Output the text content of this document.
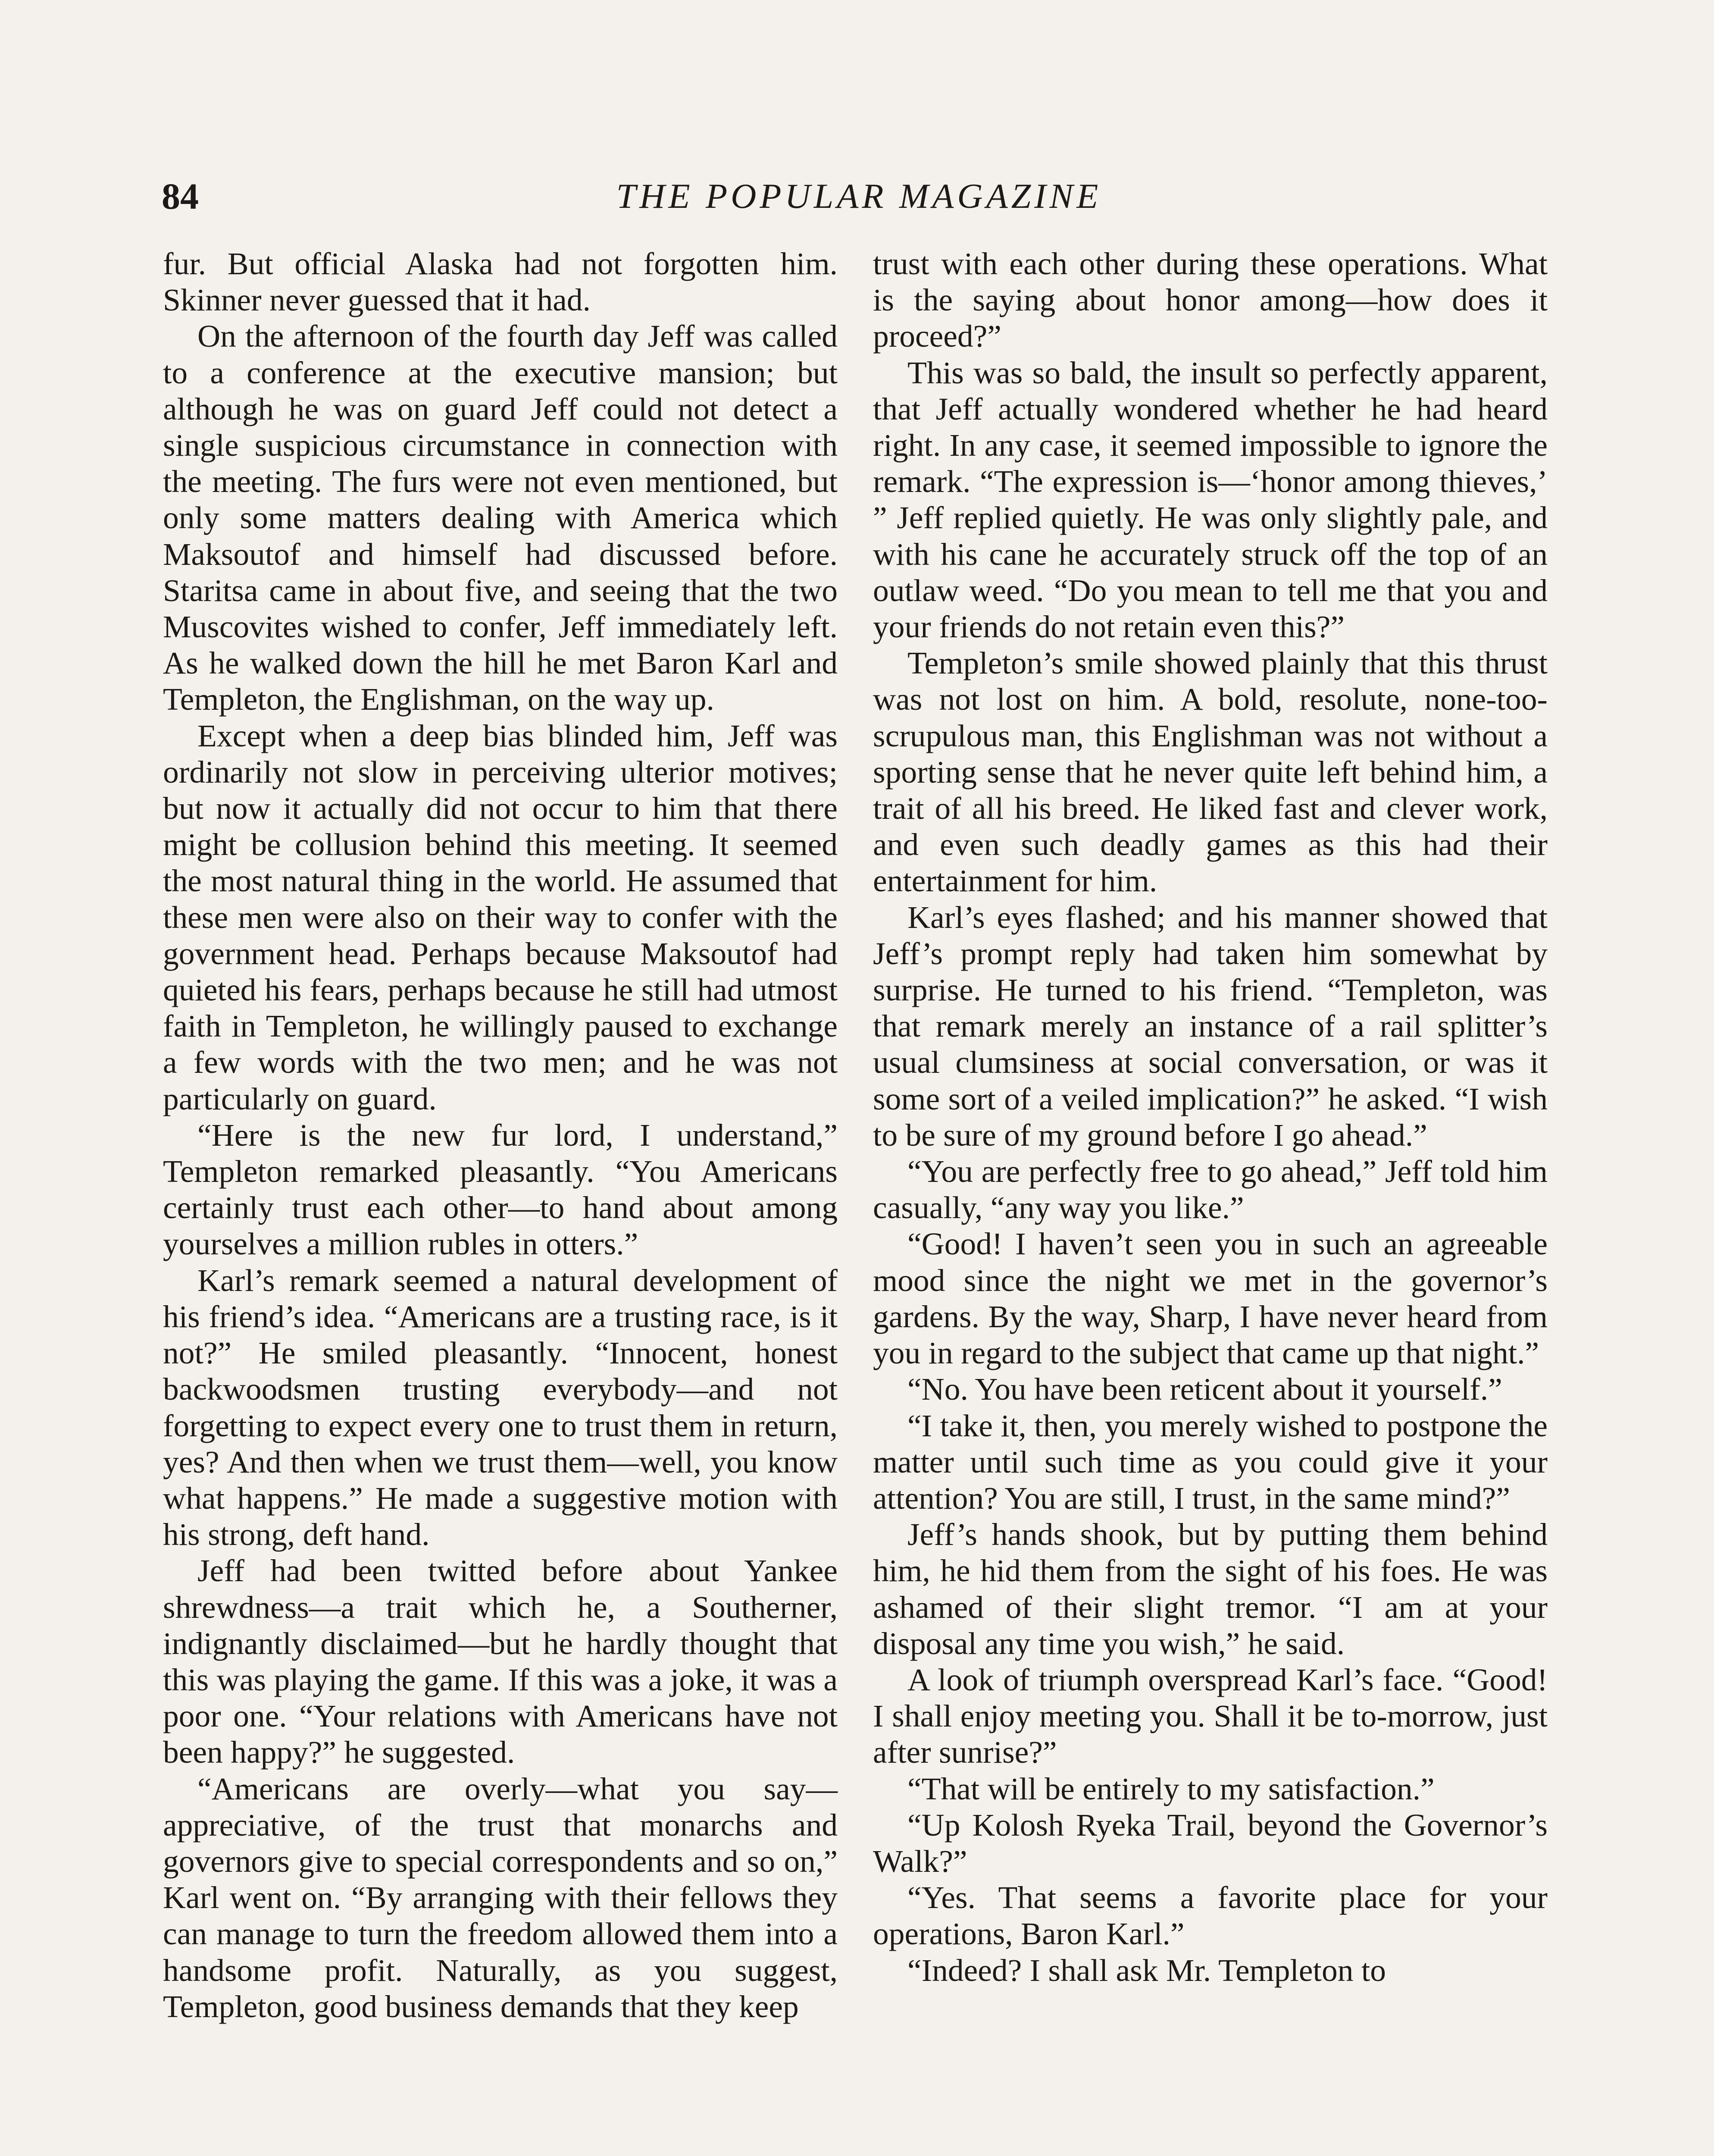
84	THE POPULAR MAGAZINE

fur. But official Alaska had not forgotten him. Skinner never guessed that it had.

On the afternoon of the fourth day Jeff was called to a conference at the executive mansion; but although he was on guard Jeff could not detect a single suspicious circumstance in connection with the meeting. The furs were not even mentioned, but only some matters dealing with America which Maksoutof and himself had discussed before. Staritsa came in about five, and seeing that the two Muscovites wished to confer, Jeff immediately left. As he walked down the hill he met Baron Karl and Templeton, the Englishman, on the way up.

Except when a deep bias blinded him, Jeff was ordinarily not slow in perceiving ulterior motives; but now it actually did not occur to him that there might be collusion behind this meeting. It seemed the most natural thing in the world. He assumed that these men were also on their way to confer with the government head. Perhaps because Maksoutof had quieted his fears, perhaps because he still had utmost faith in Templeton, he willingly paused to exchange a few words with the two men; and he was not particularly on guard.

“Here is the new fur lord, I understand,” Templeton remarked pleasantly. “You Americans certainly trust each other—to hand about among yourselves a million rubles in otters.”

Karl’s remark seemed a natural development of his friend’s idea. “Americans are a trusting race, is it not?” He smiled pleasantly. “Innocent, honest backwoodsmen trusting everybody—and not forgetting to expect every one to trust them in return, yes? And then when we trust them—well, you know what happens.” He made a suggestive motion with his strong, deft hand.

Jeff had been twitted before about Yankee shrewdness—a trait which he, a Southerner, indignantly disclaimed—but he hardly thought that this was playing the game. If this was a joke, it was a poor one. “Your relations with Americans have not been happy?” he suggested.

“Americans are overly—what you say—appreciative, of the trust that monarchs and governors give to special correspondents and so on,” Karl went on. “By arranging with their fellows they can manage to turn the freedom allowed them into a handsome profit. Naturally, as you suggest, Templeton, good business demands that they keep

trust with each other during these operations. What is the saying about honor among—how does it proceed?”

This was so bald, the insult so perfectly apparent, that Jeff actually wondered whether he had heard right. In any case, it seemed impossible to ignore the remark. “The expression is—‘honor among thieves,’ ” Jeff replied quietly. He was only slightly pale, and with his cane he accurately struck off the top of an outlaw weed. “Do you mean to tell me that you and your friends do not retain even this?”

Templeton’s smile showed plainly that this thrust was not lost on him. A bold, resolute, none-too-scrupulous man, this Englishman was not without a sporting sense that he never quite left behind him, a trait of all his breed. He liked fast and clever work, and even such deadly games as this had their entertainment for him.

Karl’s eyes flashed; and his manner showed that Jeff’s prompt reply had taken him somewhat by surprise. He turned to his friend. “Templeton, was that remark merely an instance of a rail splitter’s usual clumsiness at social conversation, or was it some sort of a veiled implication?” he asked. “I wish to be sure of my ground before I go ahead.”

“You are perfectly free to go ahead,” Jeff told him casually, “any way you like.”

“Good! I haven’t seen you in such an agreeable mood since the night we met in the governor’s gardens. By the way, Sharp, I have never heard from you in regard to the subject that came up that night.”

“No. You have been reticent about it yourself.”

“I take it, then, you merely wished to postpone the matter until such time as you could give it your attention? You are still, I trust, in the same mind?”

Jeff’s hands shook, but by putting them behind him, he hid them from the sight of his foes. He was ashamed of their slight tremor. “I am at your disposal any time you wish,” he said.

A look of triumph overspread Karl’s face. “Good! I shall enjoy meeting you. Shall it be to-morrow, just after sunrise?”

“That will be entirely to my satisfaction.”

“Up Kolosh Ryeka Trail, beyond the Governor’s Walk?”

“Yes. That seems a favorite place for your operations, Baron Karl.”

“Indeed? I shall ask Mr. Templeton to
